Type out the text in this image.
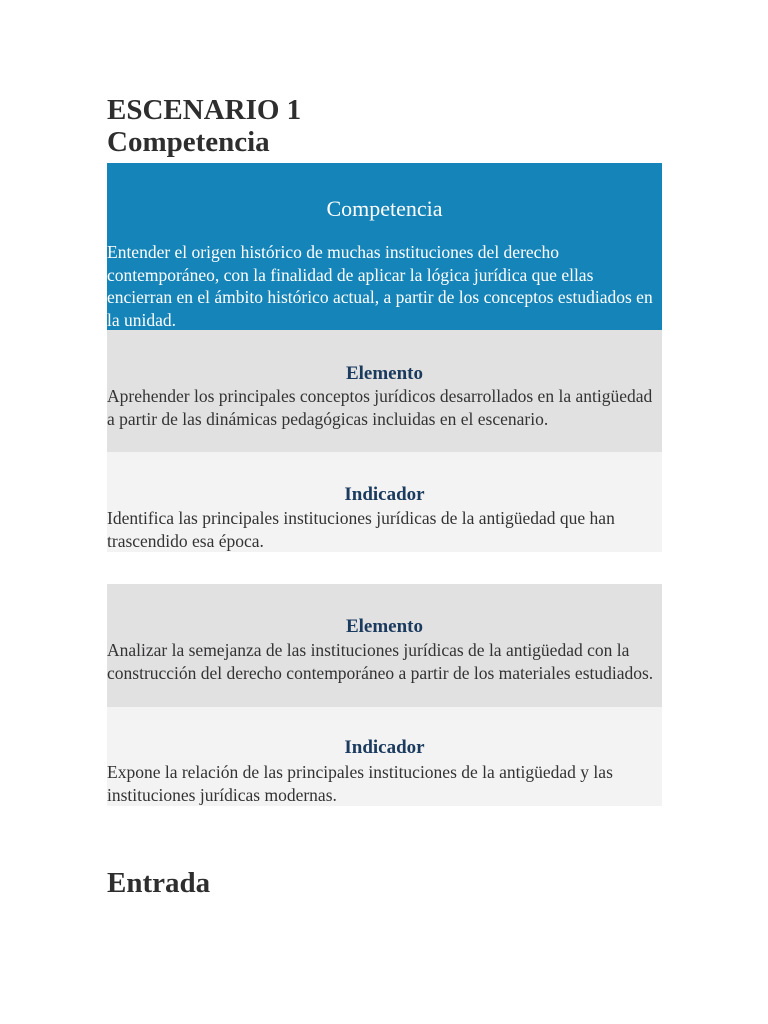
ESCENARIO 1
Competencia
Competencia
Entender el origen histórico de muchas instituciones del derecho contemporáneo, con la finalidad de aplicar la lógica jurídica que ellas encierran en el ámbito histórico actual, a partir de los conceptos estudiados en la unidad.
Elemento
Aprehender los principales conceptos jurídicos desarrollados en la antigüedad a partir de las dinámicas pedagógicas incluidas en el escenario.
Indicador
Identifica las principales instituciones jurídicas de la antigüedad que han trascendido esa época.
Elemento
Analizar la semejanza de las instituciones jurídicas de la antigüedad con la construcción del derecho contemporáneo a partir de los materiales estudiados.
Indicador
Expone la relación de las principales instituciones de la antigüedad y las instituciones jurídicas modernas.
Entrada
